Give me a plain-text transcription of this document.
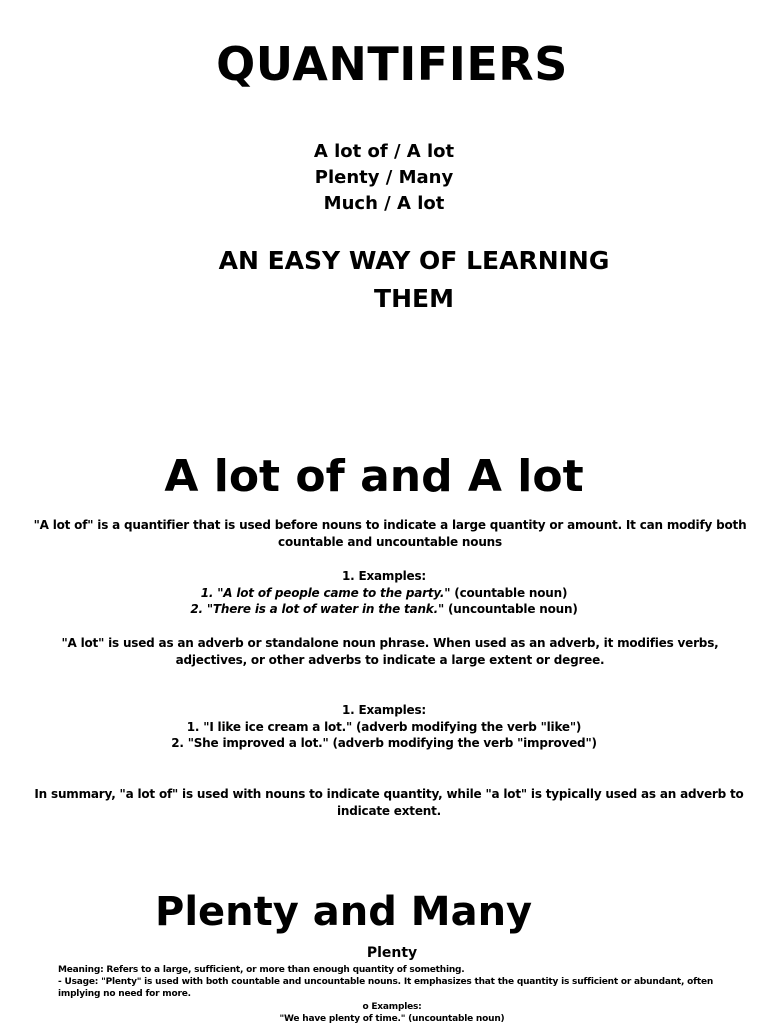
QUANTIFIERS
A lot of / A lot
Plenty / Many
Much / A lot
AN EASY WAY OF LEARNING
THEM
A lot of and A lot

"A lot of" is a quantifier that is used before nouns to indicate a large quantity or amount. It can modify both countable and uncountable nouns

1. Examples:

1. "A lot of people came to the party." (countable noun)

2. "There is a lot of water in the tank." (uncountable noun)

"A lot" is used as an adverb or standalone noun phrase. When used as an adverb, it modifies verbs, adjectives, or other adverbs to indicate a large extent or degree.

1. Examples:

1. "I like ice cream a lot." (adverb modifying the verb "like")

2. "She improved a lot." (adverb modifying the verb "improved")

In summary, "a lot of" is used with nouns to indicate quantity, while "a lot" is typically used as an adverb to indicate extent.

Plenty and Many
Plenty
Meaning: Refers to a large, sufficient, or more than enough quantity of something.
- Usage: "Plenty" is used with both countable and uncountable nouns. It emphasizes that the quantity is sufficient or abundant, often implying no need for more.
o Examples:
"We have plenty of time." (uncountable noun)
